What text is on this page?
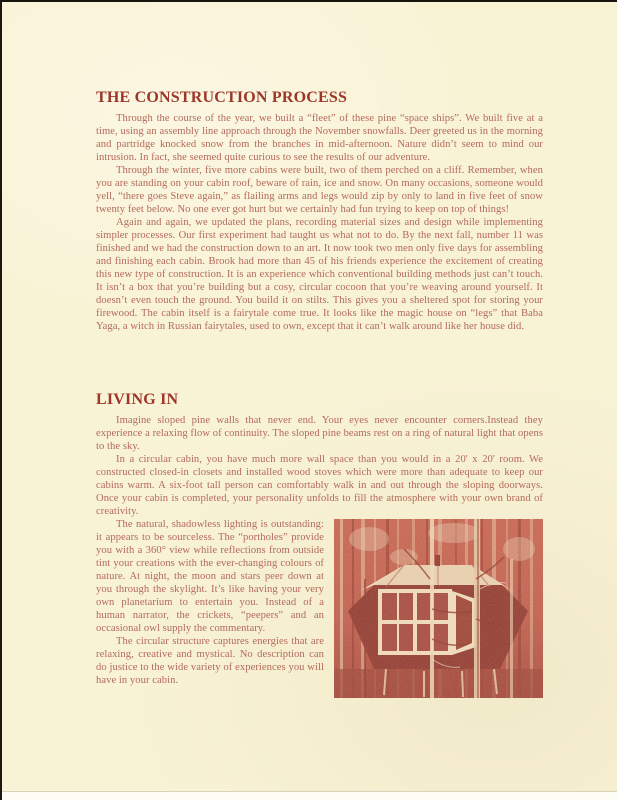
THE CONSTRUCTION PROCESS

Through the course of the year, we built a “fleet” of these pine “space ships”. We built five at a time, using an assembly line approach through the November snowfalls. Deer greeted us in the morning and partridge knocked snow from the branches in mid-afternoon. Nature didn’t seem to mind our intrusion. In fact, she seemed quite curious to see the results of our adventure.

Through the winter, five more cabins were built, two of them perched on a cliff. Remember, when you are standing on your cabin roof, beware of rain, ice and snow. On many occasions, someone would yell, “there goes Steve again,” as flailing arms and legs would zip by only to land in five feet of snow twenty feet below. No one ever got hurt but we certainly had fun trying to keep on top of things!

Again and again, we updated the plans, recording material sizes and design while implementing simpler processes. Our first experiment had taught us what not to do. By the next fall, number 11 was finished and we had the construction down to an art. It now took two men only five days for assembling and finishing each cabin. Brook had more than 45 of his friends experience the excitement of creating this new type of construction. It is an experience which conventional building methods just can’t touch. It isn’t a box that you’re building but a cosy, circular cocoon that you’re weaving around yourself. It doesn’t even touch the ground. You build it on stilts. This gives you a sheltered spot for storing your firewood. The cabin itself is a fairytale come true. It looks like the magic house on “legs” that Baba Yaga, a witch in Russian fairytales, used to own, except that it can’t walk around like her house did.

LIVING IN

Imagine sloped pine walls that never end. Your eyes never encounter corners.Instead they experience a relaxing flow of continuity. The sloped pine beams rest on a ring of natural light that opens to the sky.

In a circular cabin, you have much more wall space than you would in a 20' x 20' room. We constructed closed-in closets and installed wood stoves which were more than adequate to keep our cabins warm. A six-foot tall person can comfortably walk in and out through the sloping doorways. Once your cabin is completed, your personality unfolds to fill the atmosphere with your own brand of creativity.

The natural, shadowless lighting is outstanding: it appears to be sourceless. The “portholes” provide you with a 360° view while reflections from outside tint your creations with the ever-changing colours of nature. At night, the moon and stars peer down at you through the skylight. It’s like having your very own planetarium to entertain you. Instead of a human narrator, the crickets, “peepers” and an occasional owl supply the commentary.

The circular structure captures energies that are relaxing, creative and mystical. No description can do justice to the wide variety of experiences you will have in your cabin.
